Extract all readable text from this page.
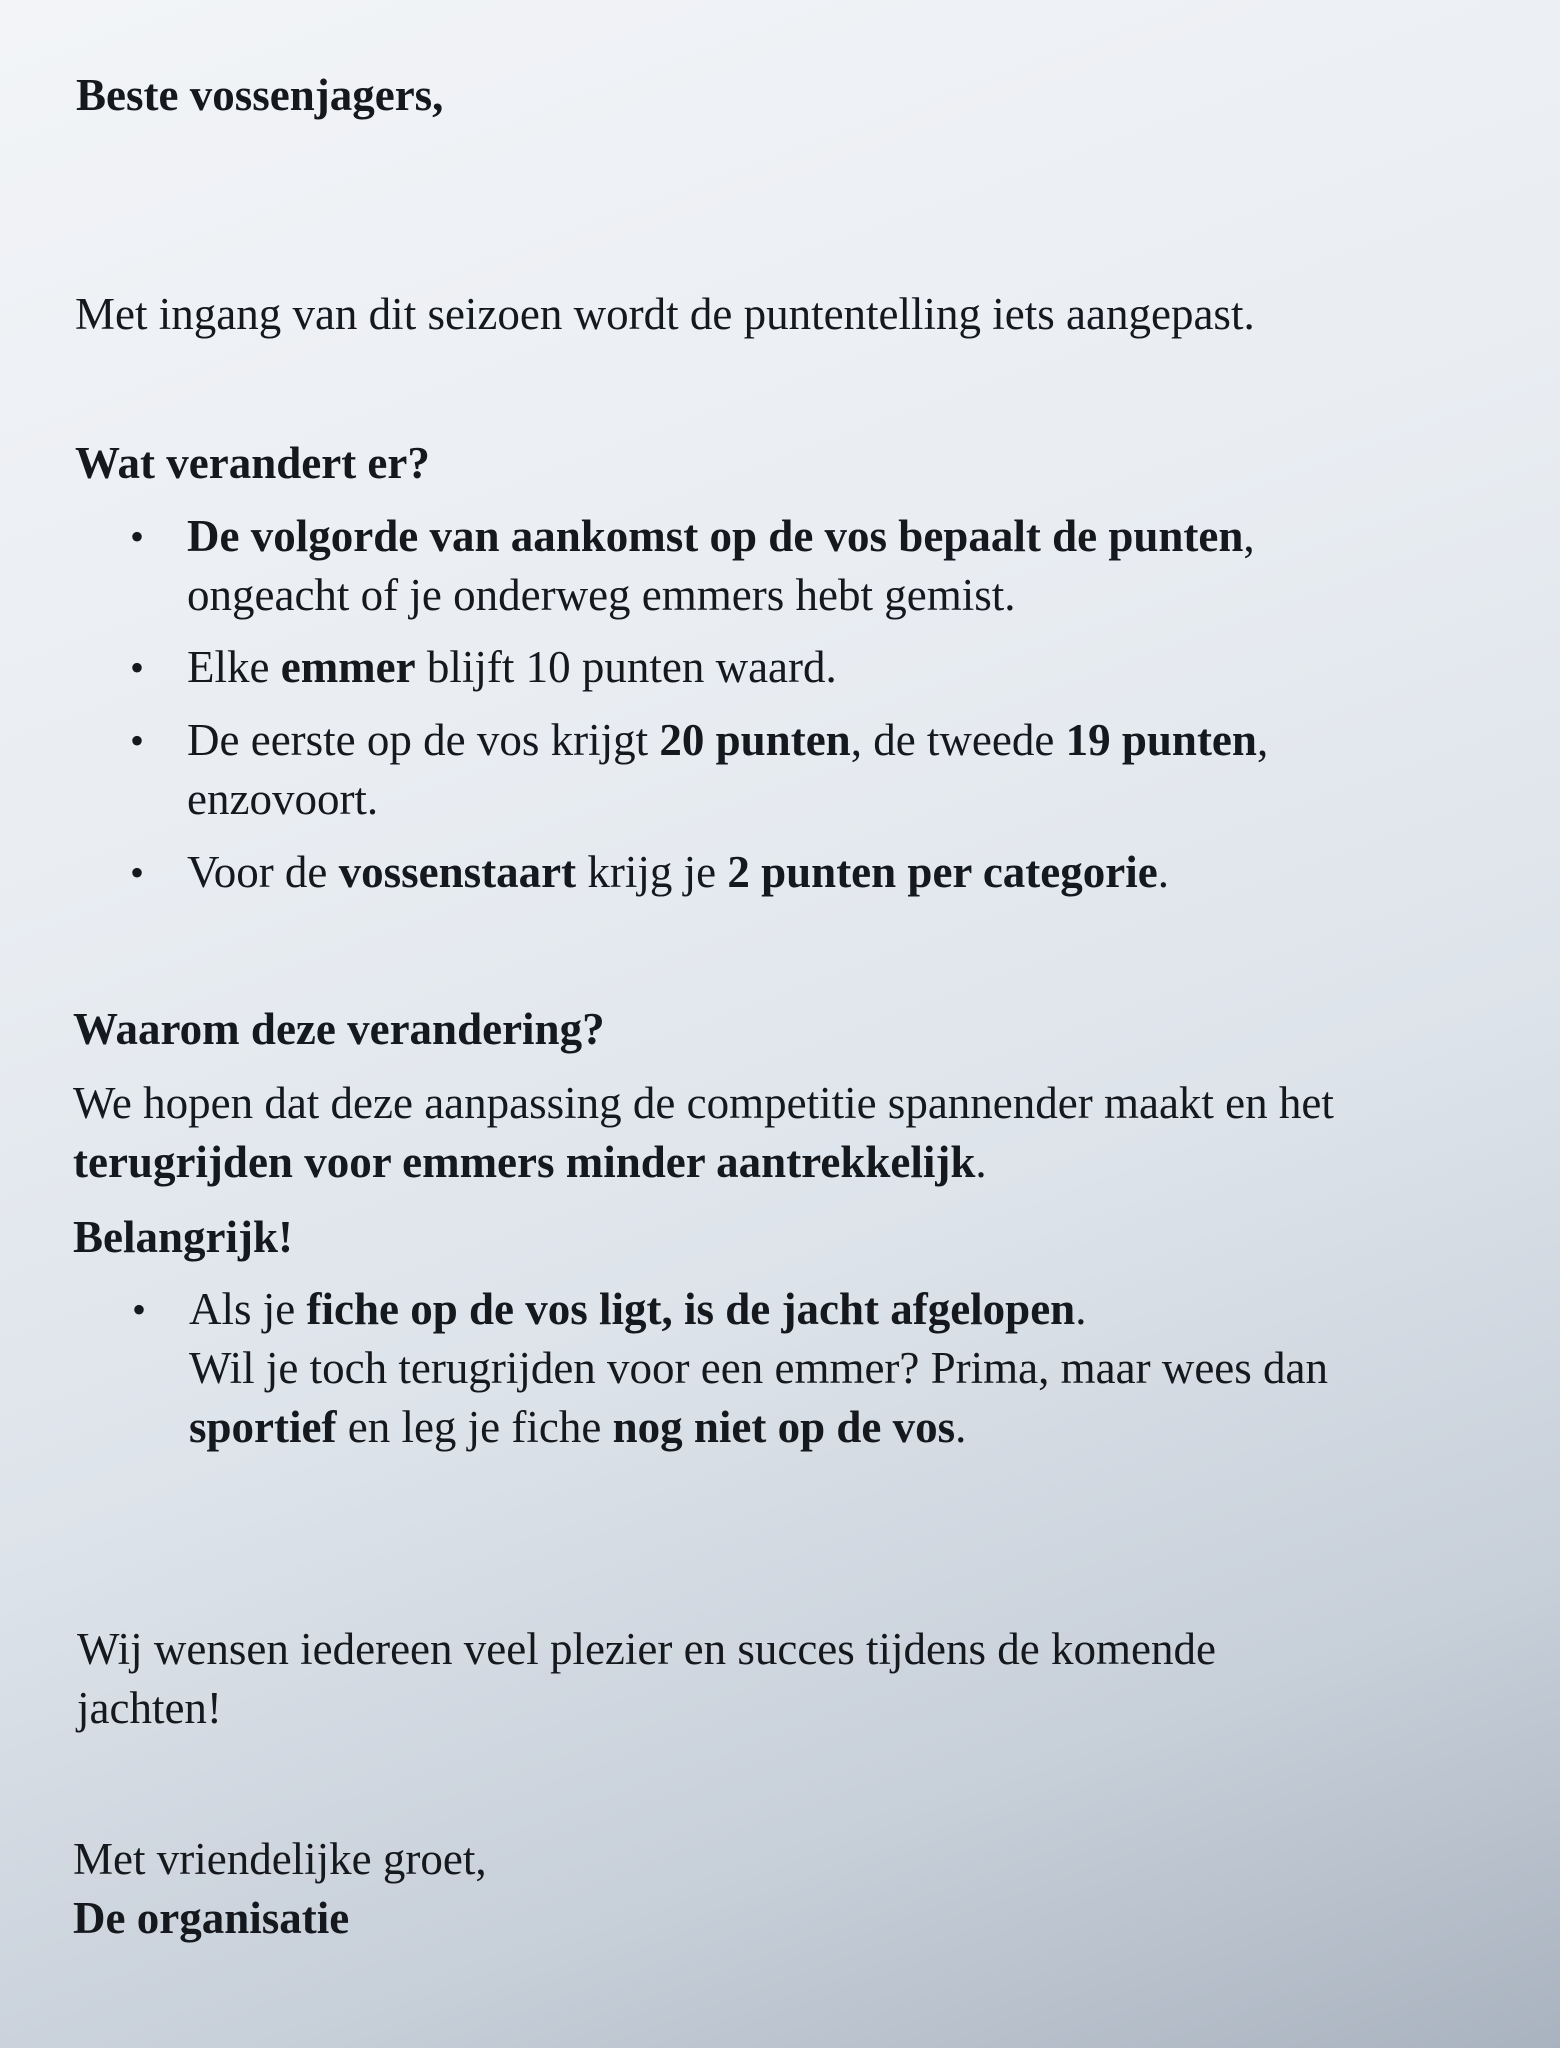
Beste vossenjagers,

Met ingang van dit seizoen wordt de puntentelling iets aangepast.

Wat verandert er?

• De volgorde van aankomst op de vos bepaalt de punten,
ongeacht of je onderweg emmers hebt gemist.
• Elke emmer blijft 10 punten waard.
• De eerste op de vos krijgt 20 punten, de tweede 19 punten,
enzovoort.
• Voor de vossenstaart krijg je 2 punten per categorie.

Waarom deze verandering?

We hopen dat deze aanpassing de competitie spannender maakt en het
terugrijden voor emmers minder aantrekkelijk.

Belangrijk!

• Als je fiche op de vos ligt, is de jacht afgelopen.
Wil je toch terugrijden voor een emmer? Prima, maar wees dan
sportief en leg je fiche nog niet op de vos.

Wij wensen iedereen veel plezier en succes tijdens de komende
jachten!

Met vriendelijke groet,
De organisatie
